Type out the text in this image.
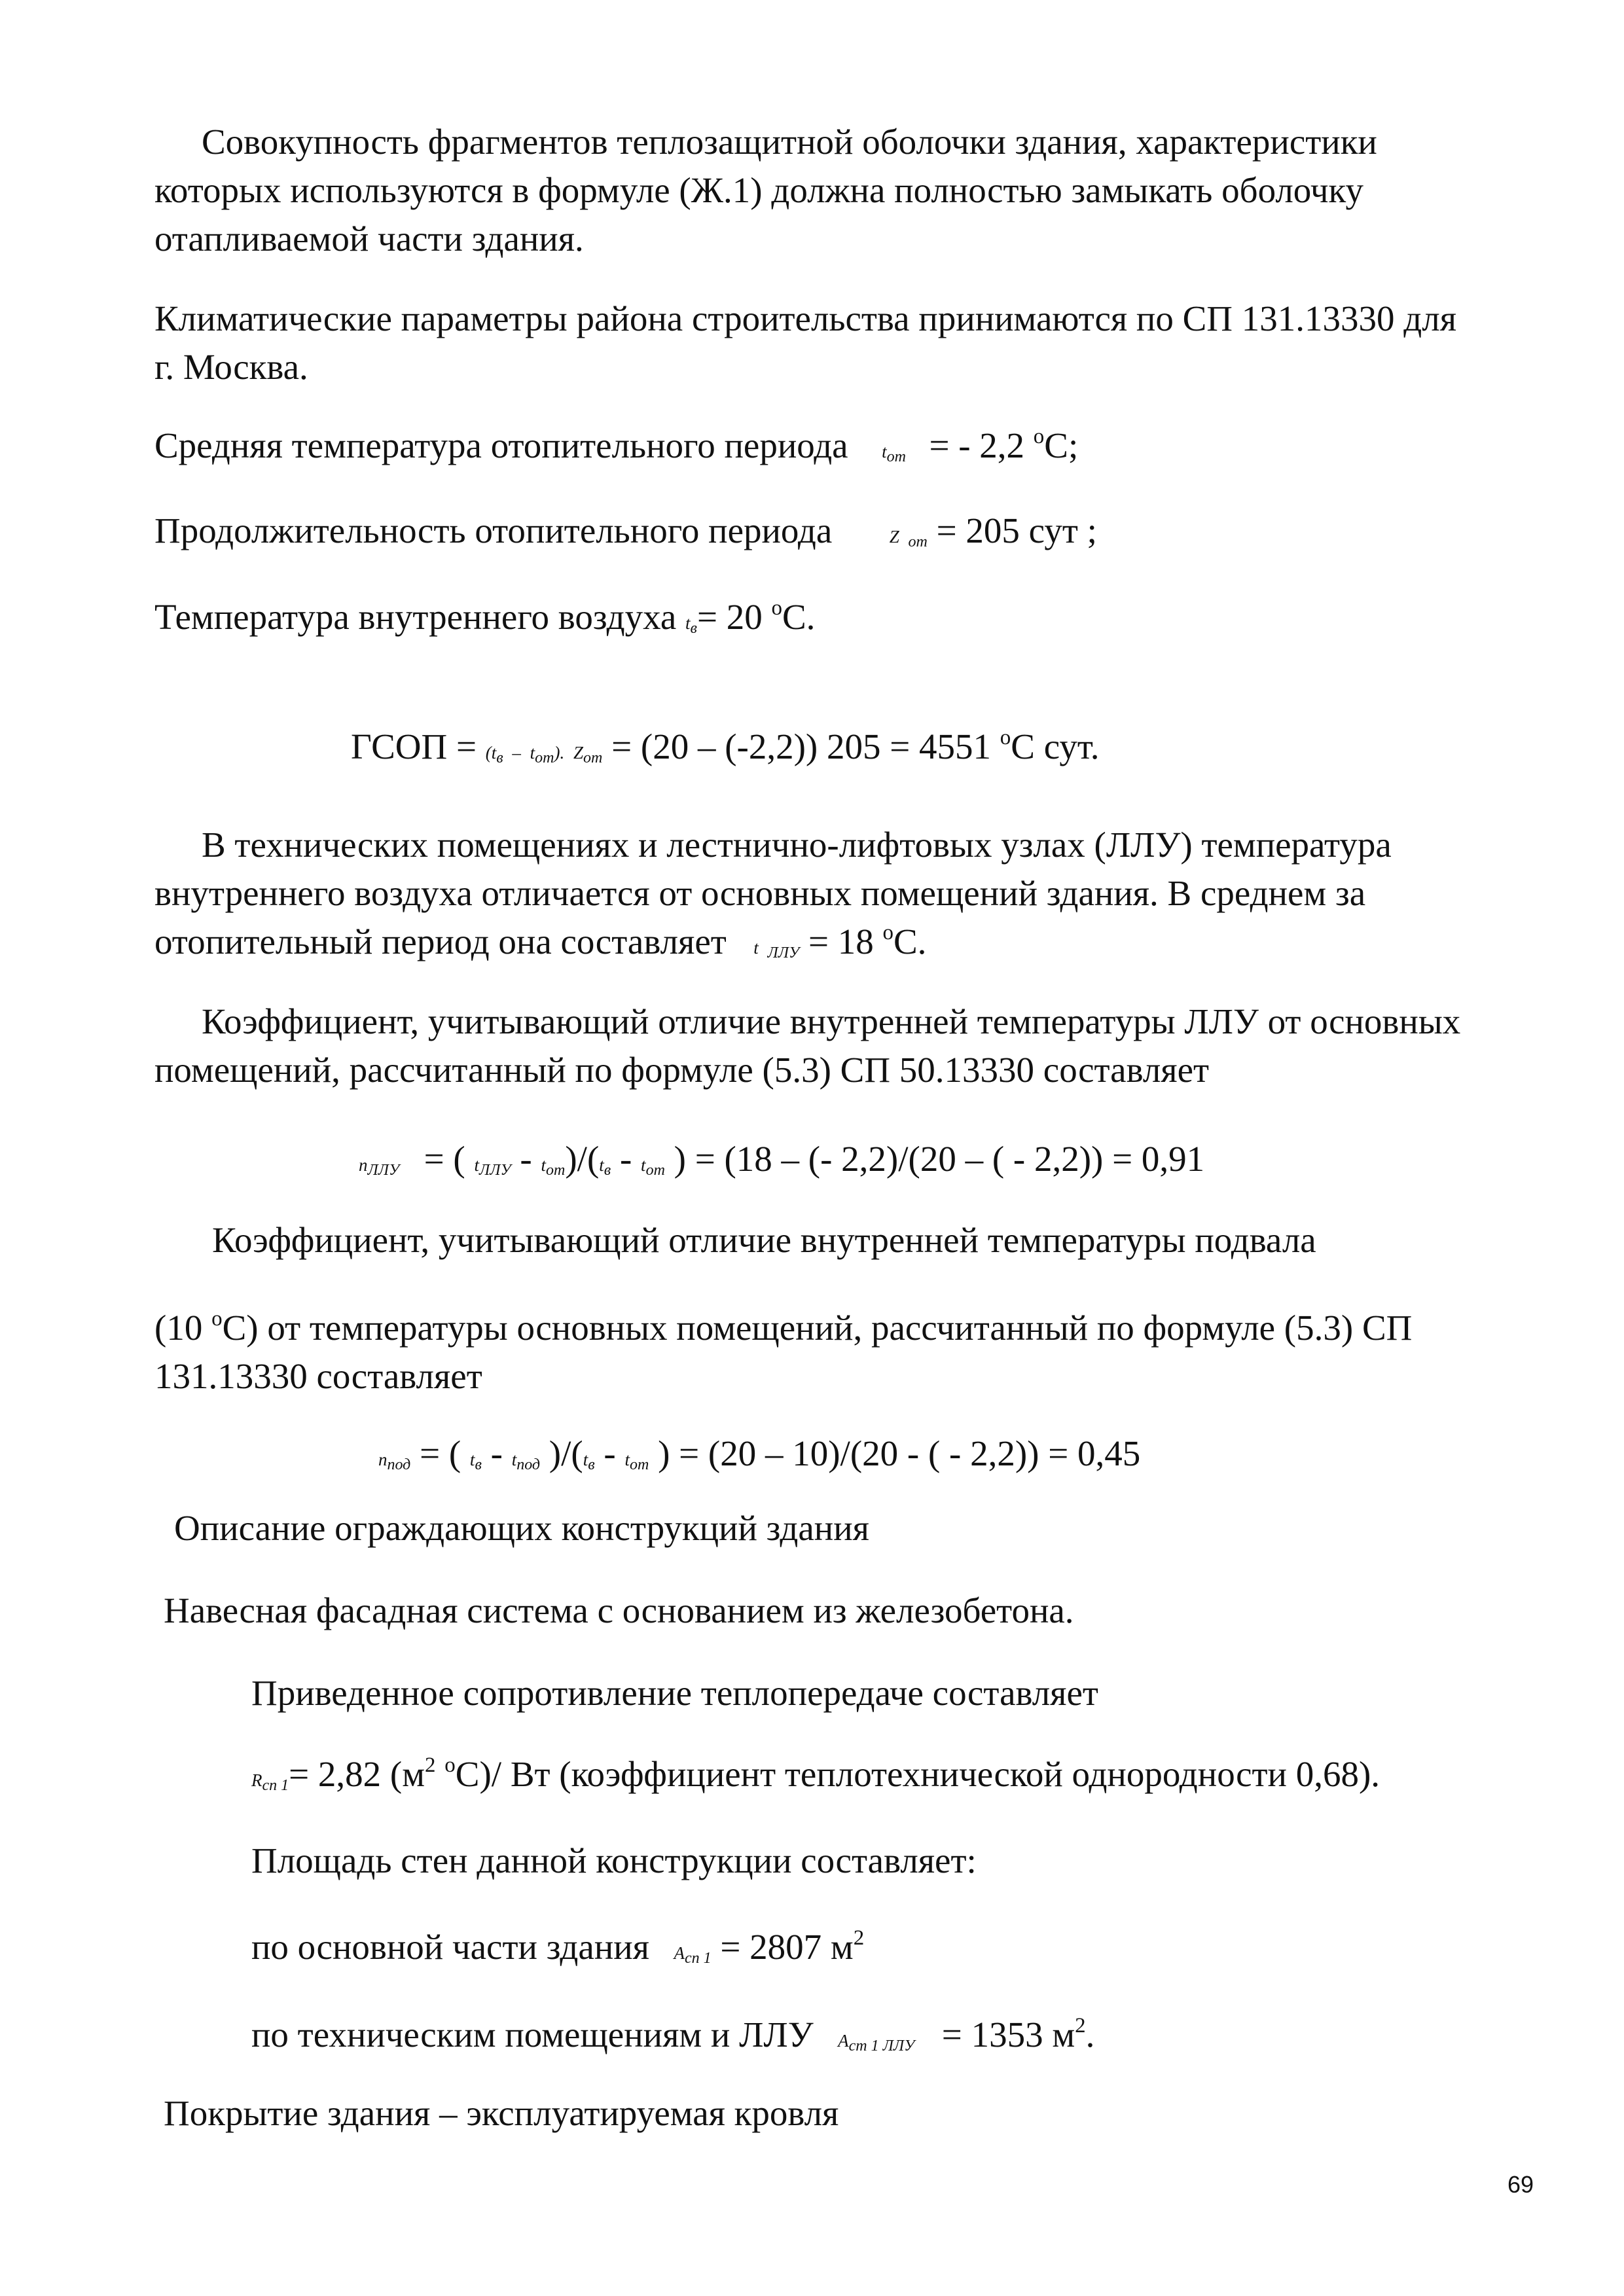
Совокупность фрагментов теплозащитной оболочки здания, характеристики
которых используются в формуле (Ж.1) должна полностью замыкать оболочку
отапливаемой части здания.
Климатические параметры района строительства принимаются по СП 131.13330 для
г. Москва.
Средняя температура отопительного периода $t_{от}$ = - 2,2 $^о$С;
Продолжительность отопительного периода	Z $_{от}$ = 205 сут ;
Температура внутреннего воздуха $t_в= 20$ $^о$С.
ГСОП = $(t_в - t_{от})$. $Z_{от} = (20 - (-2,2)) 205 = 4551$ $^о$С сут.
В технических помещениях и лестнично-лифтовых узлах (ЛЛУ) температура
внутреннего воздуха отличается от основных помещений здания. В среднем за
отопительный период она составляет t $_{ЛЛУ}$ = 18 $^о$С.
Коэффициент, учитывающий отличие внутренней температуры ЛЛУ от основных
помещений, рассчитанный по формуле (5.3) СП 50.13330 составляет
$n_{ЛЛУ}$ = ( $t_{ЛЛУ} - t_{от})/(t_в - t_{от}$ ) = (18 – (- 2,2)/(20 – ( - 2,2)) = 0,91
Коэффициент, учитывающий отличие внутренней температуры подвала
(10 $^о$С) от температуры основных помещений, рассчитанный по формуле (5.3) СП
131.13330 составляет
$n_{под}$ = ( $t_в - t_{под}$ )$/(t_в - t_{от}$ ) = (20 – 10)/(20 - ( - 2,2)) = 0,45
Описание ограждающих конструкций здания
Навесная фасадная система с основанием из железобетона.
Приведенное сопротивление теплопередаче составляет
$R_{сп 1}= 2,82$ ($м^2$ $^о$С)/ Вт (коэффициент теплотехнической однородности 0,68).
Площадь стен данной конструкции составляет:
по основной части здания $A_{сп 1} = 2807$ $м^2$
по техническим помещениям и ЛЛУ $A_{ст 1 ЛЛУ} = 1353$ $м^2$.
Покрытие здания – эксплуатируемая кровля
69
